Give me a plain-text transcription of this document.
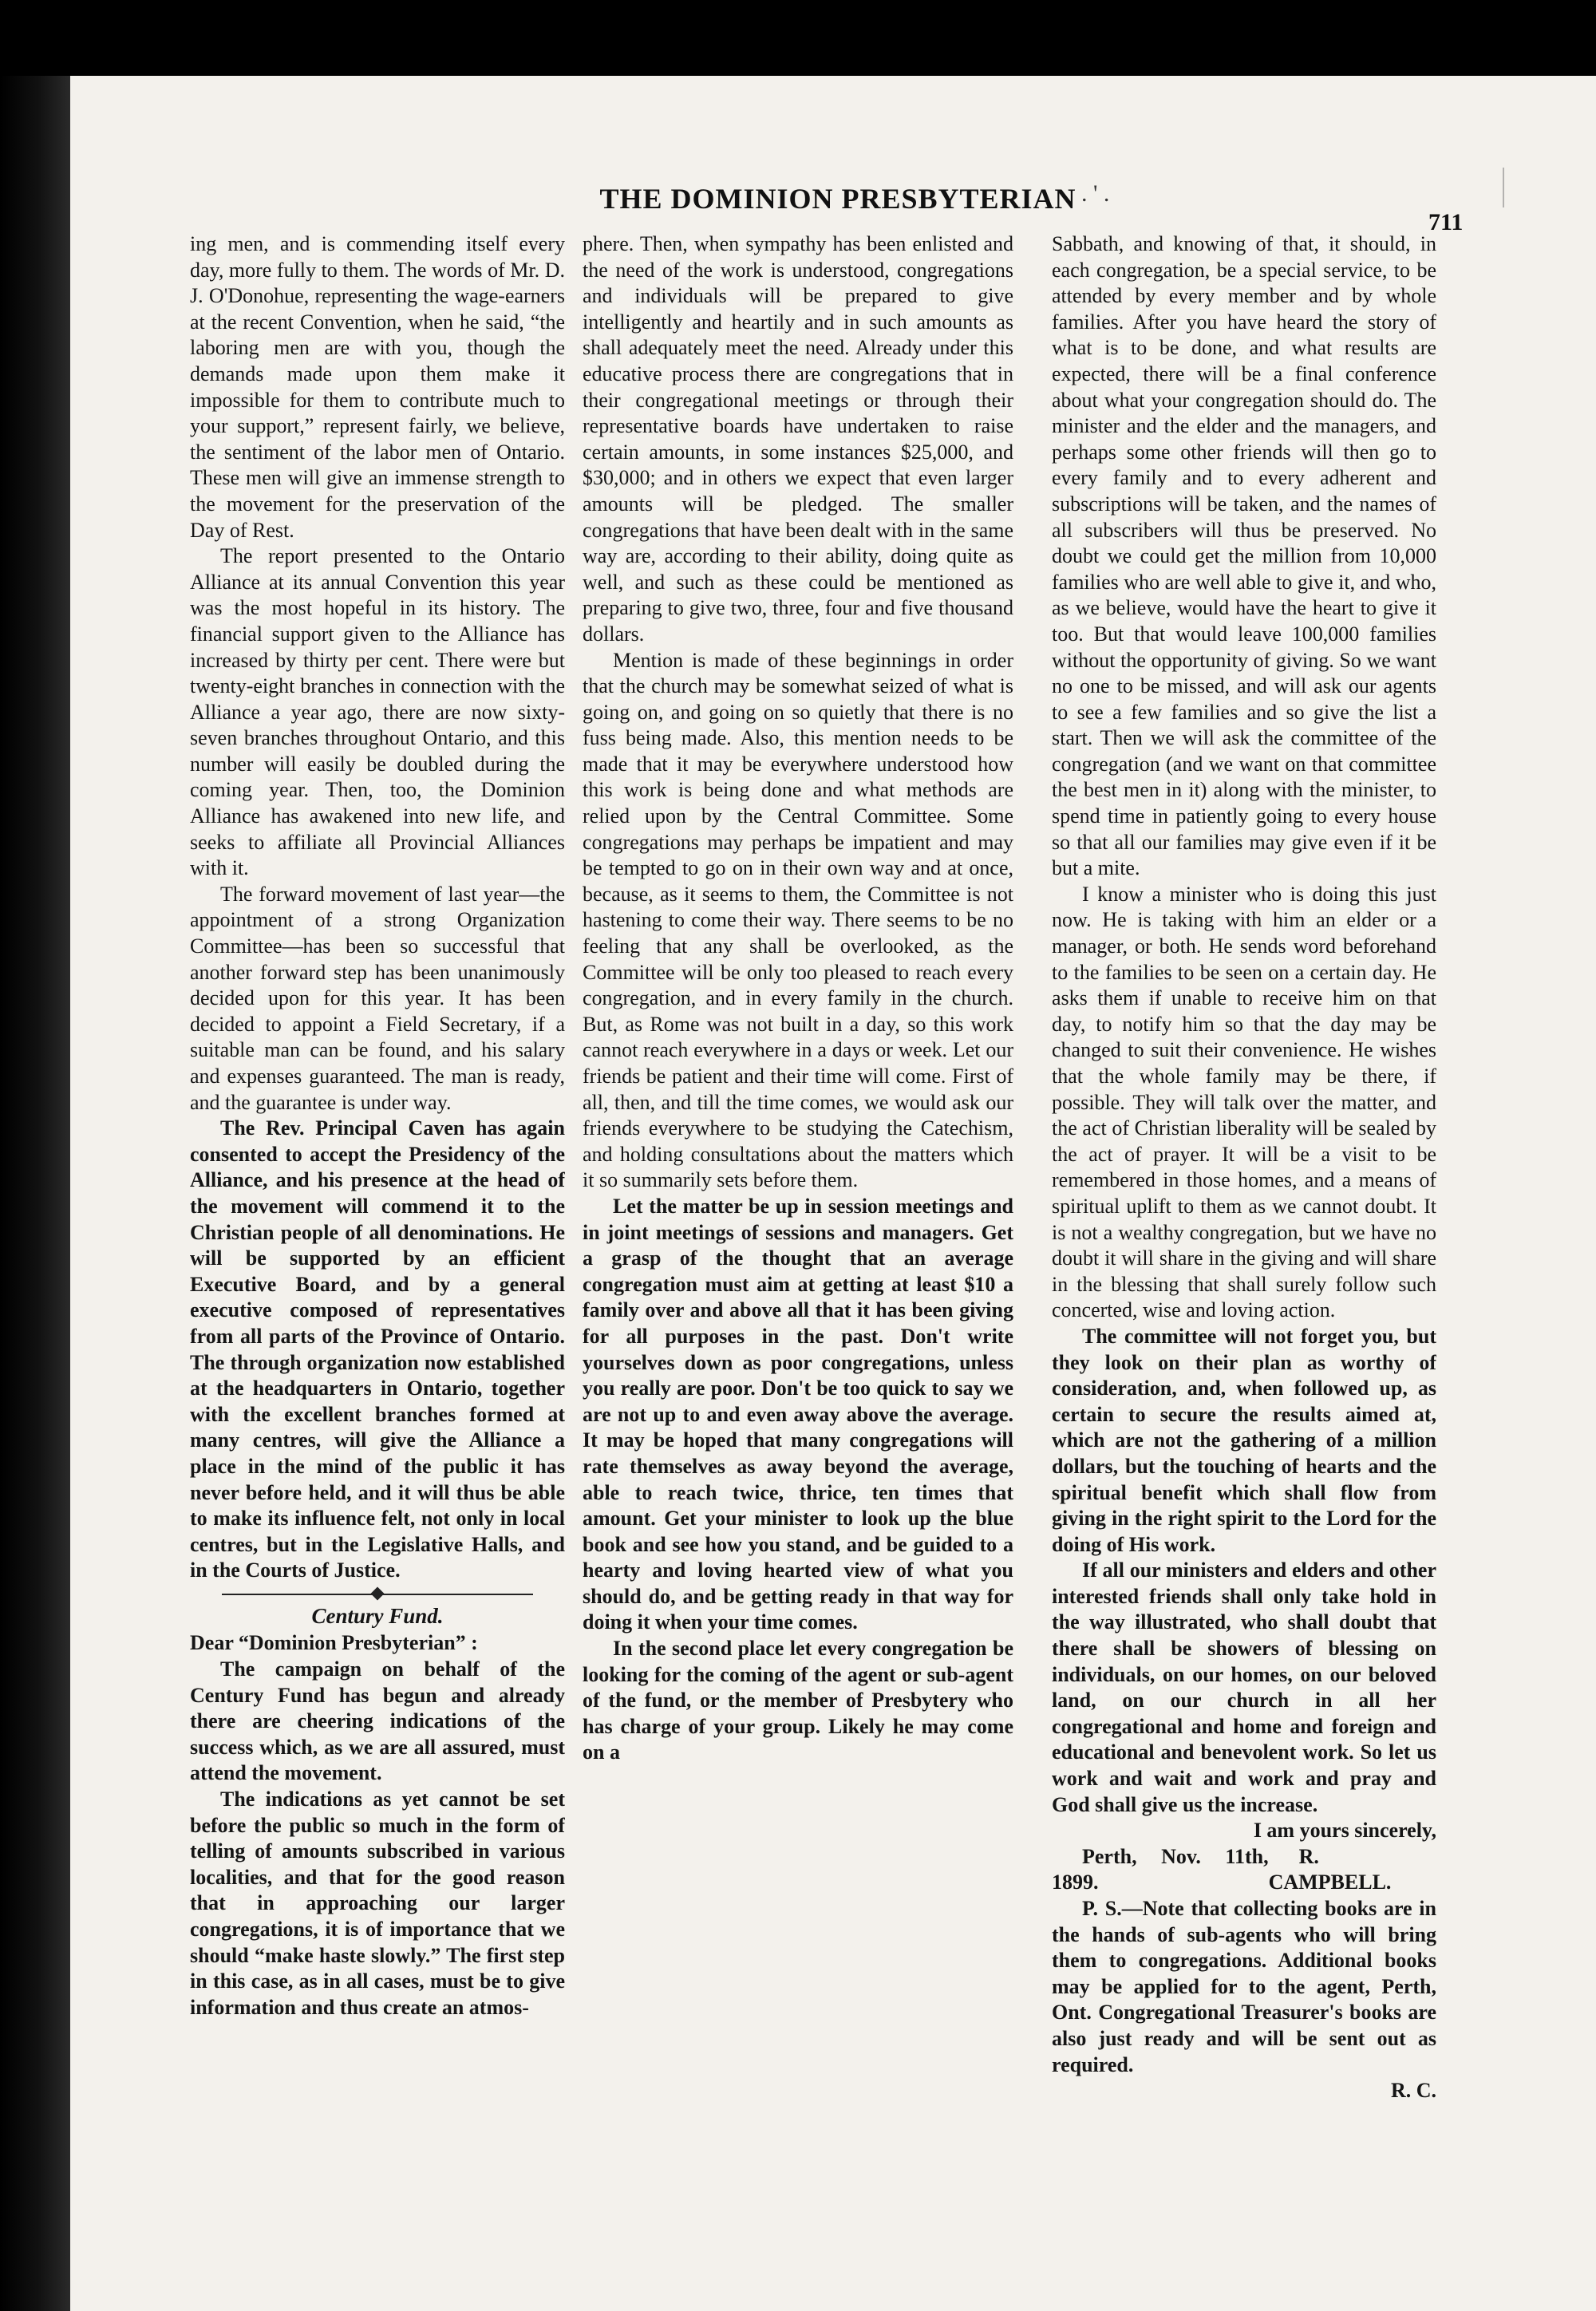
THE DOMINION PRESBYTERIAN . ' .
711

ing men, and is commending itself every day, more fully to them. The words of Mr. D. J. O'Donohue, representing the wage-earners at the recent Convention, when he said, “the laboring men are with you, though the demands made upon them make it impossible for them to contribute much to your support,” represent fairly, we believe, the sentiment of the labor men of Ontario. These men will give an immense strength to the movement for the preservation of the Day of Rest.

The report presented to the Ontario Alliance at its annual Convention this year was the most hopeful in its history. The financial support given to the Alliance has increased by thirty per cent. There were but twenty-eight branches in connection with the Alliance a year ago, there are now sixty-seven branches throughout Ontario, and this number will easily be doubled during the coming year. Then, too, the Dominion Alliance has awakened into new life, and seeks to affiliate all Provincial Alliances with it.

The forward movement of last year—the appointment of a strong Organization Committee—has been so successful that another forward step has been unanimously decided upon for this year. It has been decided to appoint a Field Secretary, if a suitable man can be found, and his salary and expenses guaranteed. The man is ready, and the guarantee is under way.

The Rev. Principal Caven has again consented to accept the Presidency of the Alliance, and his presence at the head of the movement will commend it to the Christian people of all denominations. He will be supported by an efficient Executive Board, and by a general executive composed of representatives from all parts of the Province of Ontario. The through organization now established at the headquarters in Ontario, together with the excellent branches formed at many centres, will give the Alliance a place in the mind of the public it has never before held, and it will thus be able to make its influence felt, not only in local centres, but in the Legislative Halls, and in the Courts of Justice.

Century Fund.

Dear “Dominion Presbyterian” :

The campaign on behalf of the Century Fund has begun and already there are cheering indications of the success which, as we are all assured, must attend the movement.

The indications as yet cannot be set before the public so much in the form of telling of amounts subscribed in various localities, and that for the good reason that in approaching our larger congregations, it is of importance that we should “make haste slowly.” The first step in this case, as in all cases, must be to give information and thus create an atmos-

phere. Then, when sympathy has been enlisted and the need of the work is understood, congregations and individuals will be prepared to give intelligently and heartily and in such amounts as shall adequately meet the need. Already under this educative process there are congregations that in their congregational meetings or through their representative boards have undertaken to raise certain amounts, in some instances $25,000, and $30,000; and in others we expect that even larger amounts will be pledged. The smaller congregations that have been dealt with in the same way are, according to their ability, doing quite as well, and such as these could be mentioned as preparing to give two, three, four and five thousand dollars.

Mention is made of these beginnings in order that the church may be somewhat seized of what is going on, and going on so quietly that there is no fuss being made. Also, this mention needs to be made that it may be everywhere understood how this work is being done and what methods are relied upon by the Central Committee. Some congregations may perhaps be impatient and may be tempted to go on in their own way and at once, because, as it seems to them, the Committee is not hastening to come their way. There seems to be no feeling that any shall be overlooked, as the Committee will be only too pleased to reach every congregation, and in every family in the church. But, as Rome was not built in a day, so this work cannot reach everywhere in a days or week. Let our friends be patient and their time will come. First of all, then, and till the time comes, we would ask our friends everywhere to be studying the Catechism, and holding consultations about the matters which it so summarily sets before them.

Let the matter be up in session meetings and in joint meetings of sessions and managers. Get a grasp of the thought that an average congregation must aim at getting at least $10 a family over and above all that it has been giving for all purposes in the past. Don't write yourselves down as poor congregations, unless you really are poor. Don't be too quick to say we are not up to and even away above the average. It may be hoped that many congregations will rate themselves as away beyond the average, able to reach twice, thrice, ten times that amount. Get your minister to look up the blue book and see how you stand, and be guided to a hearty and loving hearted view of what you should do, and be getting ready in that way for doing it when your time comes.

In the second place let every congregation be looking for the coming of the agent or sub-agent of the fund, or the member of Presbytery who has charge of your group. Likely he may come on a

Sabbath, and knowing of that, it should, in each congregation, be a special service, to be attended by every member and by whole families. After you have heard the story of what is to be done, and what results are expected, there will be a final conference about what your congregation should do. The minister and the elder and the managers, and perhaps some other friends will then go to every family and to every adherent and subscriptions will be taken, and the names of all subscribers will thus be preserved. No doubt we could get the million from 10,000 families who are well able to give it, and who, as we believe, would have the heart to give it too. But that would leave 100,000 families without the opportunity of giving. So we want no one to be missed, and will ask our agents to see a few families and so give the list a start. Then we will ask the committee of the congregation (and we want on that committee the best men in it) along with the minister, to spend time in patiently going to every house so that all our families may give even if it be but a mite.

I know a minister who is doing this just now. He is taking with him an elder or a manager, or both. He sends word beforehand to the families to be seen on a certain day. He asks them if unable to receive him on that day, to notify him so that the day may be changed to suit their convenience. He wishes that the whole family may be there, if possible. They will talk over the matter, and the act of Christian liberality will be sealed by the act of prayer. It will be a visit to be remembered in those homes, and a means of spiritual uplift to them as we cannot doubt. It is not a wealthy congregation, but we have no doubt it will share in the giving and will share in the blessing that shall surely follow such concerted, wise and loving action.

The committee will not forget you, but they look on their plan as worthy of consideration, and, when followed up, as certain to secure the results aimed at, which are not the gathering of a million dollars, but the touching of hearts and the spiritual benefit which shall flow from giving in the right spirit to the Lord for the doing of His work.

If all our ministers and elders and other interested friends shall only take hold in the way illustrated, who shall doubt that there shall be showers of blessing on individuals, on our homes, on our beloved land, on our church in all her congregational and home and foreign and educational and benevolent work. So let us work and wait and work and pray and God shall give us the increase.

I am yours sincerely,

Perth, Nov. 11th, 1899.
R. CAMPBELL.

P. S.—Note that collecting books are in the hands of sub-agents who will bring them to congregations. Additional books may be applied for to the agent, Perth, Ont. Congregational Treasurer's books are also just ready and will be sent out as required.

R. C.
